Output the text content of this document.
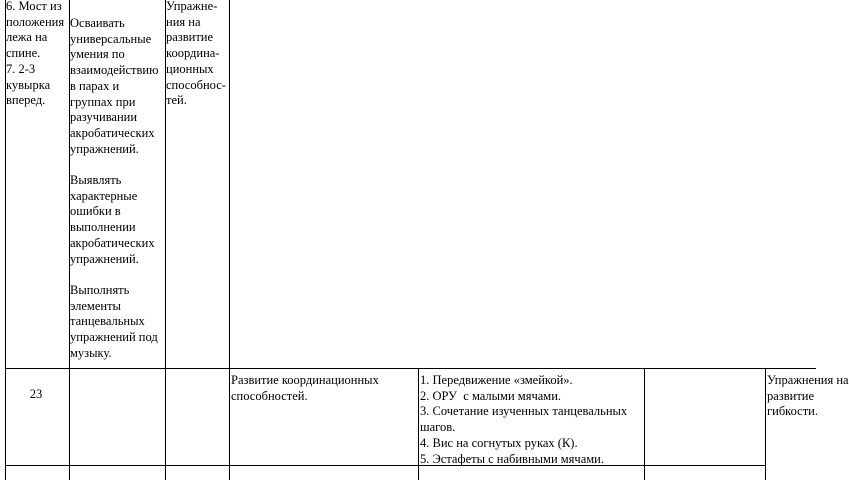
6. Мост из
положения
лежа на
спине.
7. 2-3
кувырка
вперед.
Осваивать
универсальные
умения по
взаимодействию
в парах и
группах при
разучивании
акробатических
упражнений.

Выявлять
характерные
ошибки в
выполнении
акробатических
упражнений.

Выполнять
элементы
танцевальных
упражнений под
музыку.
Упражне-
ния на
развитие
координа-
ционных
способнос-
тей.
23
Развитие координационных
способностей.
1. Передвижение «змейкой».
2. ОРУ  с малыми мячами.
3. Сочетание изученных танцевальных
шагов.
4. Вис на согнутых руках (К).
5. Эстафеты с набивными мячами.
Упражнения на
развитие
гибкости.
